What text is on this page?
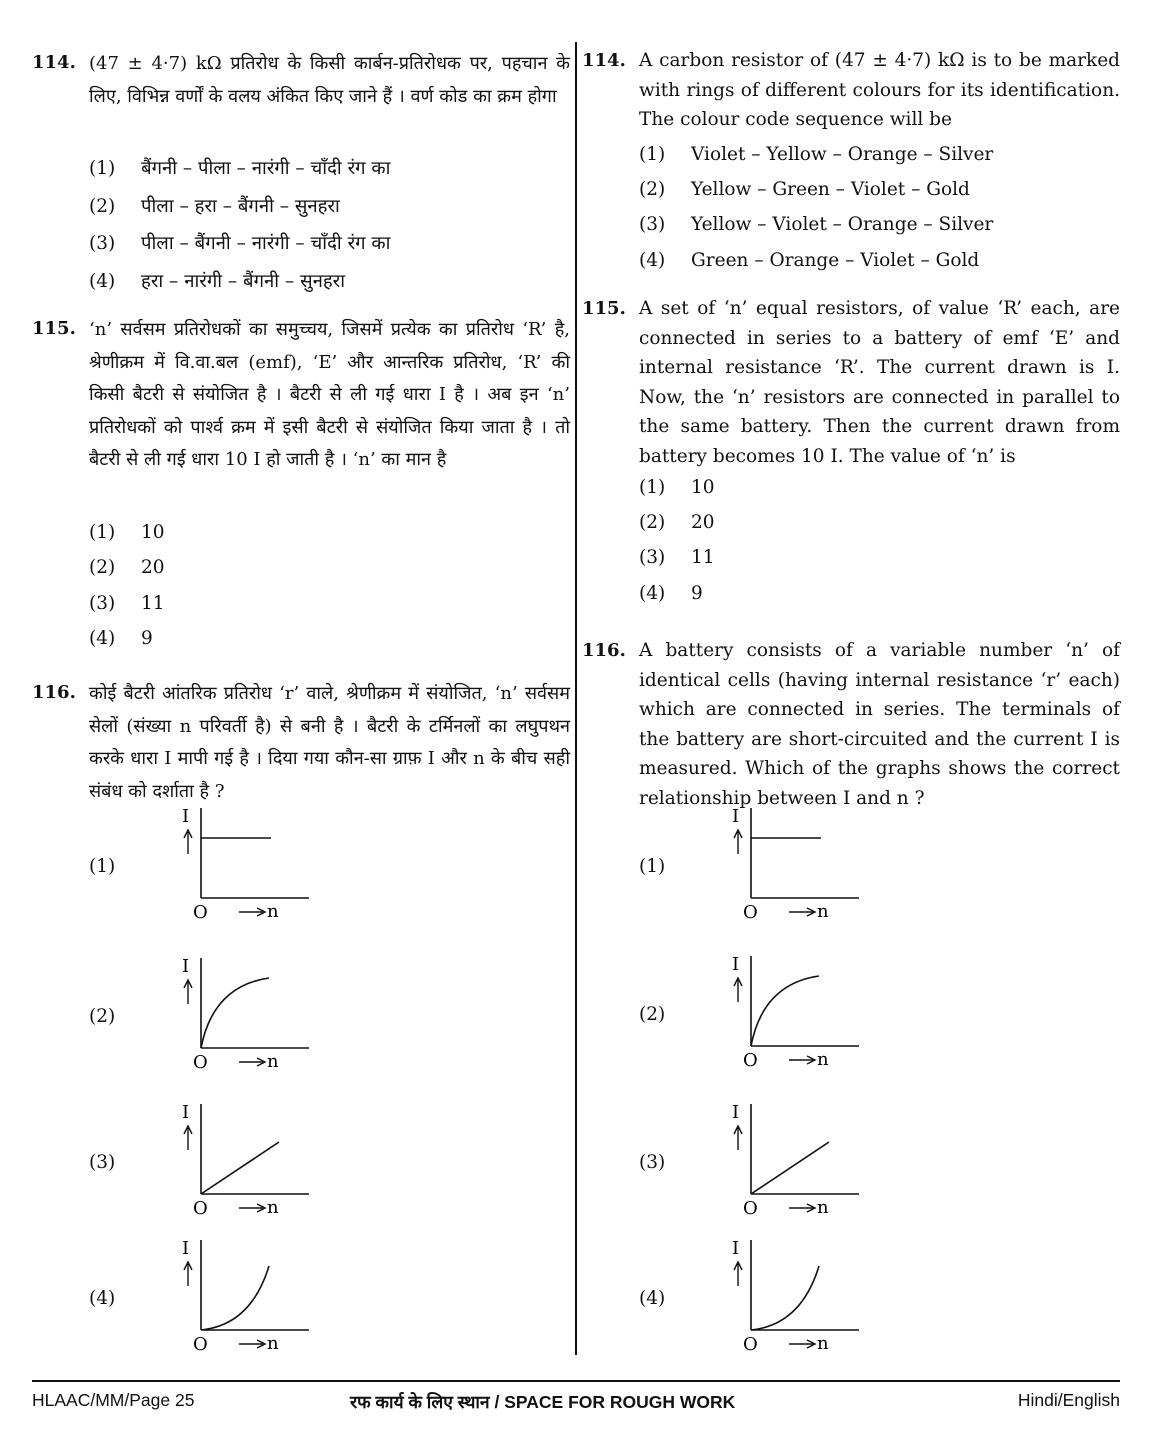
114. (47 ± 4·7) kΩ प्रतिरोध के किसी कार्बन-प्रतिरोधक पर, पहचान के लिए, विभिन्न वर्णों के वलय अंकित किए जाने हैं । वर्ण कोड का क्रम होगा
(1) बैंगनी – पीला – नारंगी – चाँदी रंग का
(2) पीला – हरा – बैंगनी – सुनहरा
(3) पीला – बैंगनी – नारंगी – चाँदी रंग का
(4) हरा – नारंगी – बैंगनी – सुनहरा
115. ‘n’ सर्वसम प्रतिरोधकों का समुच्चय, जिसमें प्रत्येक का प्रतिरोध ‘R’ है, श्रेणीक्रम में वि.वा.बल (emf), ‘E’ और आन्तरिक प्रतिरोध, ‘R’ की किसी बैटरी से संयोजित है । बैटरी से ली गई धारा I है । अब इन ‘n’ प्रतिरोधकों को पार्श्व क्रम में इसी बैटरी से संयोजित किया जाता है । तो बैटरी से ली गई धारा 10 I हो जाती है । ‘n’ का मान है
(1) 10
(2) 20
(3) 11
(4) 9
116. कोई बैटरी आंतरिक प्रतिरोध ‘r’ वाले, श्रेणीक्रम में संयोजित, ‘n’ सर्वसम सेलों (संख्या n परिवर्ती है) से बनी है । बैटरी के टर्मिनलों का लघुपथन करके धारा I मापी गई है । दिया गया कौन-सा ग्राफ़ I और n के बीच सही संबंध को दर्शाता है ?
(1)
I
O	n
(2)
I
O	n
(3)
I
O	n
(4)
I
O	n
114. A carbon resistor of (47 ± 4·7) kΩ is to be marked with rings of different colours for its identification. The colour code sequence will be
(1) Violet – Yellow – Orange – Silver
(2) Yellow – Green – Violet – Gold
(3) Yellow – Violet – Orange – Silver
(4) Green – Orange – Violet – Gold
115. A set of ‘n’ equal resistors, of value ‘R’ each, are connected in series to a battery of emf ‘E’ and internal resistance ‘R’. The current drawn is I. Now, the ‘n’ resistors are connected in parallel to the same battery. Then the current drawn from battery becomes 10 I. The value of ‘n’ is
(1) 10
(2) 20
(3) 11
(4) 9
116. A battery consists of a variable number ‘n’ of identical cells (having internal resistance ‘r’ each) which are connected in series. The terminals of the battery are short-circuited and the current I is measured. Which of the graphs shows the correct relationship between I and n ?
(1)
I
O	n
(2)
I
O	n
(3)
I
O	n
(4)
I
O	n
HLAAC/MM/Page 25	रफ कार्य के लिए स्थान / SPACE FOR ROUGH WORK	Hindi/English
